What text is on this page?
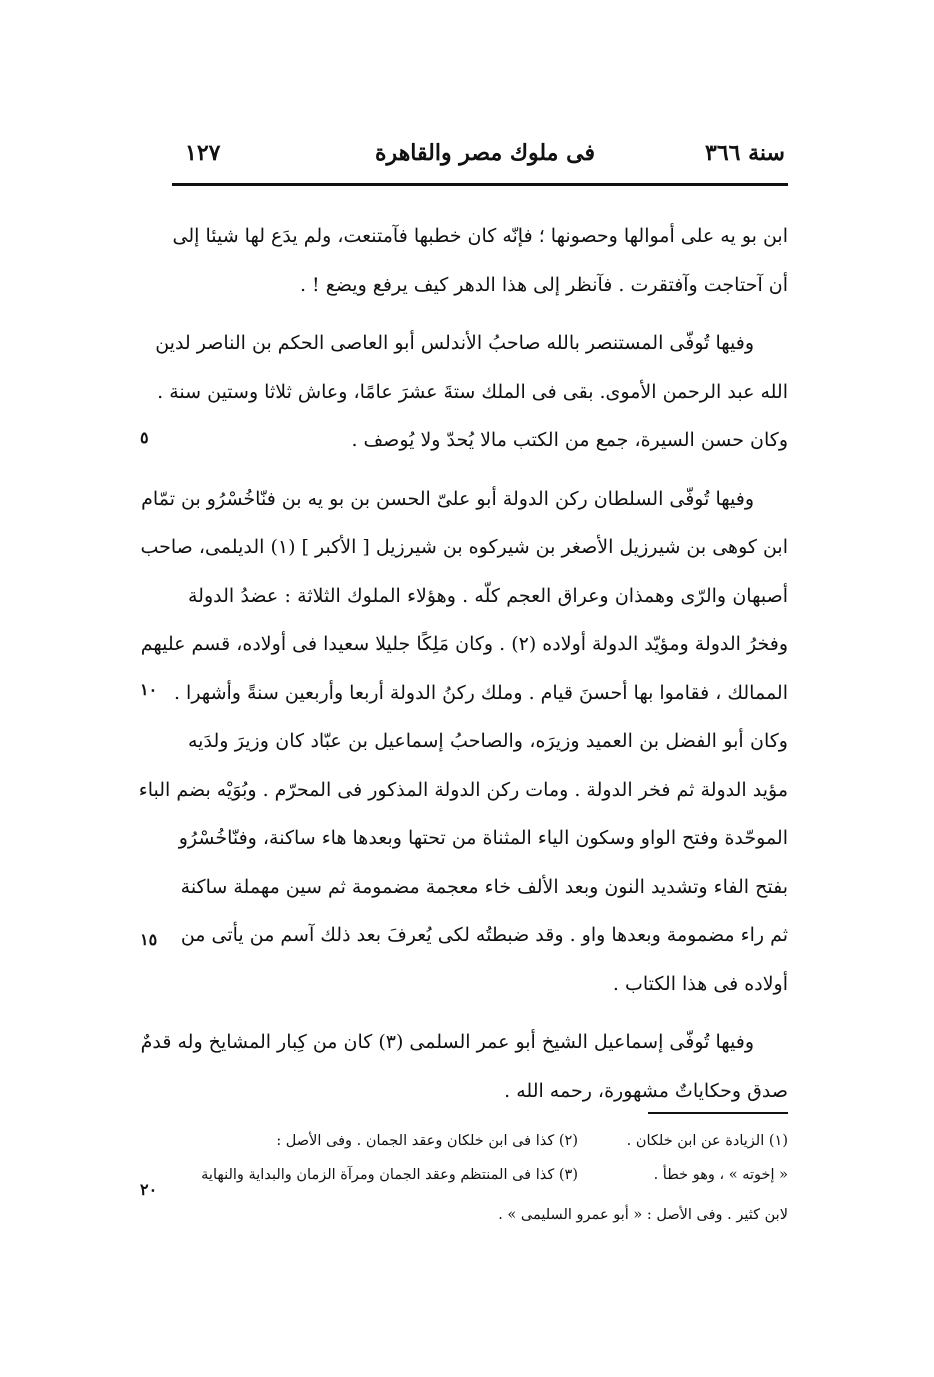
سنة ٣٦٦
فى ملوك مصر والقاهرة
١٢٧
ابن بو يه على أموالها وحصونها ؛ فإنّه كان خطبها فآمتنعت، ولم يدَع لها شيئا إلى
أن آحتاجت وآفتقرت . فآنظر إلى هذا الدهر كيف يرفع ويضع ! .
وفيها تُوفّى المستنصر بالله صاحبُ الأندلس أبو العاصى الحكم بن الناصر لدين
الله عبد الرحمن الأموى. بقى فى الملك ستةَ عشرَ عامًا، وعاش ثلاثا وستين سنة .
وكان حسن السيرة، جمع من الكتب مالا يُحدّ ولا يُوصف .
وفيها تُوفّى السلطان ركن الدولة أبو علىّ الحسن بن بو يه بن فنّاخُسْرُو بن تمّام
ابن كوهى بن شيرزيل الأصغر بن شيركوه بن شيرزيل [ الأكبر ] (١) الديلمى، صاحب
أصبهان والرّى وهمذان وعراق العجم كلّه . وهؤلاء الملوك الثلاثة : عضدُ الدولة
وفخرُ الدولة ومؤيّد الدولة أولاده (٢) . وكان مَلِكًا جليلا سعيدا فى أولاده، قسم عليهم
الممالك ، فقاموا بها أحسنَ قيام . وملك ركنُ الدولة أربعا وأربعين سنةً وأشهرا .
وكان أبو الفضل بن العميد وزيرَه، والصاحبُ إسماعيل بن عبّاد كان وزيرَ ولدَيه
مؤيد الدولة ثم فخر الدولة . ومات ركن الدولة المذكور فى المحرّم . وبُوَيْه بضم الباء
الموحّدة وفتح الواو وسكون الياء المثناة من تحتها وبعدها هاء ساكنة، وفنّاخُسْرُو
بفتح الفاء وتشديد النون وبعد الألف خاء معجمة مضمومة ثم سين مهملة ساكنة
ثم راء مضمومة وبعدها واو . وقد ضبطتُه لكى يُعرفَ بعد ذلك آسم من يأتى من
أولاده فى هذا الكتاب .
وفيها تُوفّى إسماعيل الشيخ أبو عمر السلمى (٣) كان من كِبار المشايخ وله قدمٌ
صدق وحكاياتٌ مشهورة، رحمه الله .
٥
١٠
١٥
٢٠
(١) الزيادة عن ابن خلكان .
(٢) كذا فى ابن خلكان وعقد الجمان . وفى الأصل :
« إخوته » ، وهو خطأ .
(٣) كذا فى المنتظم وعقد الجمان ومرآة الزمان والبداية والنهاية
لابن كثير . وفى الأصل : « أبو عمرو السليمى » .
